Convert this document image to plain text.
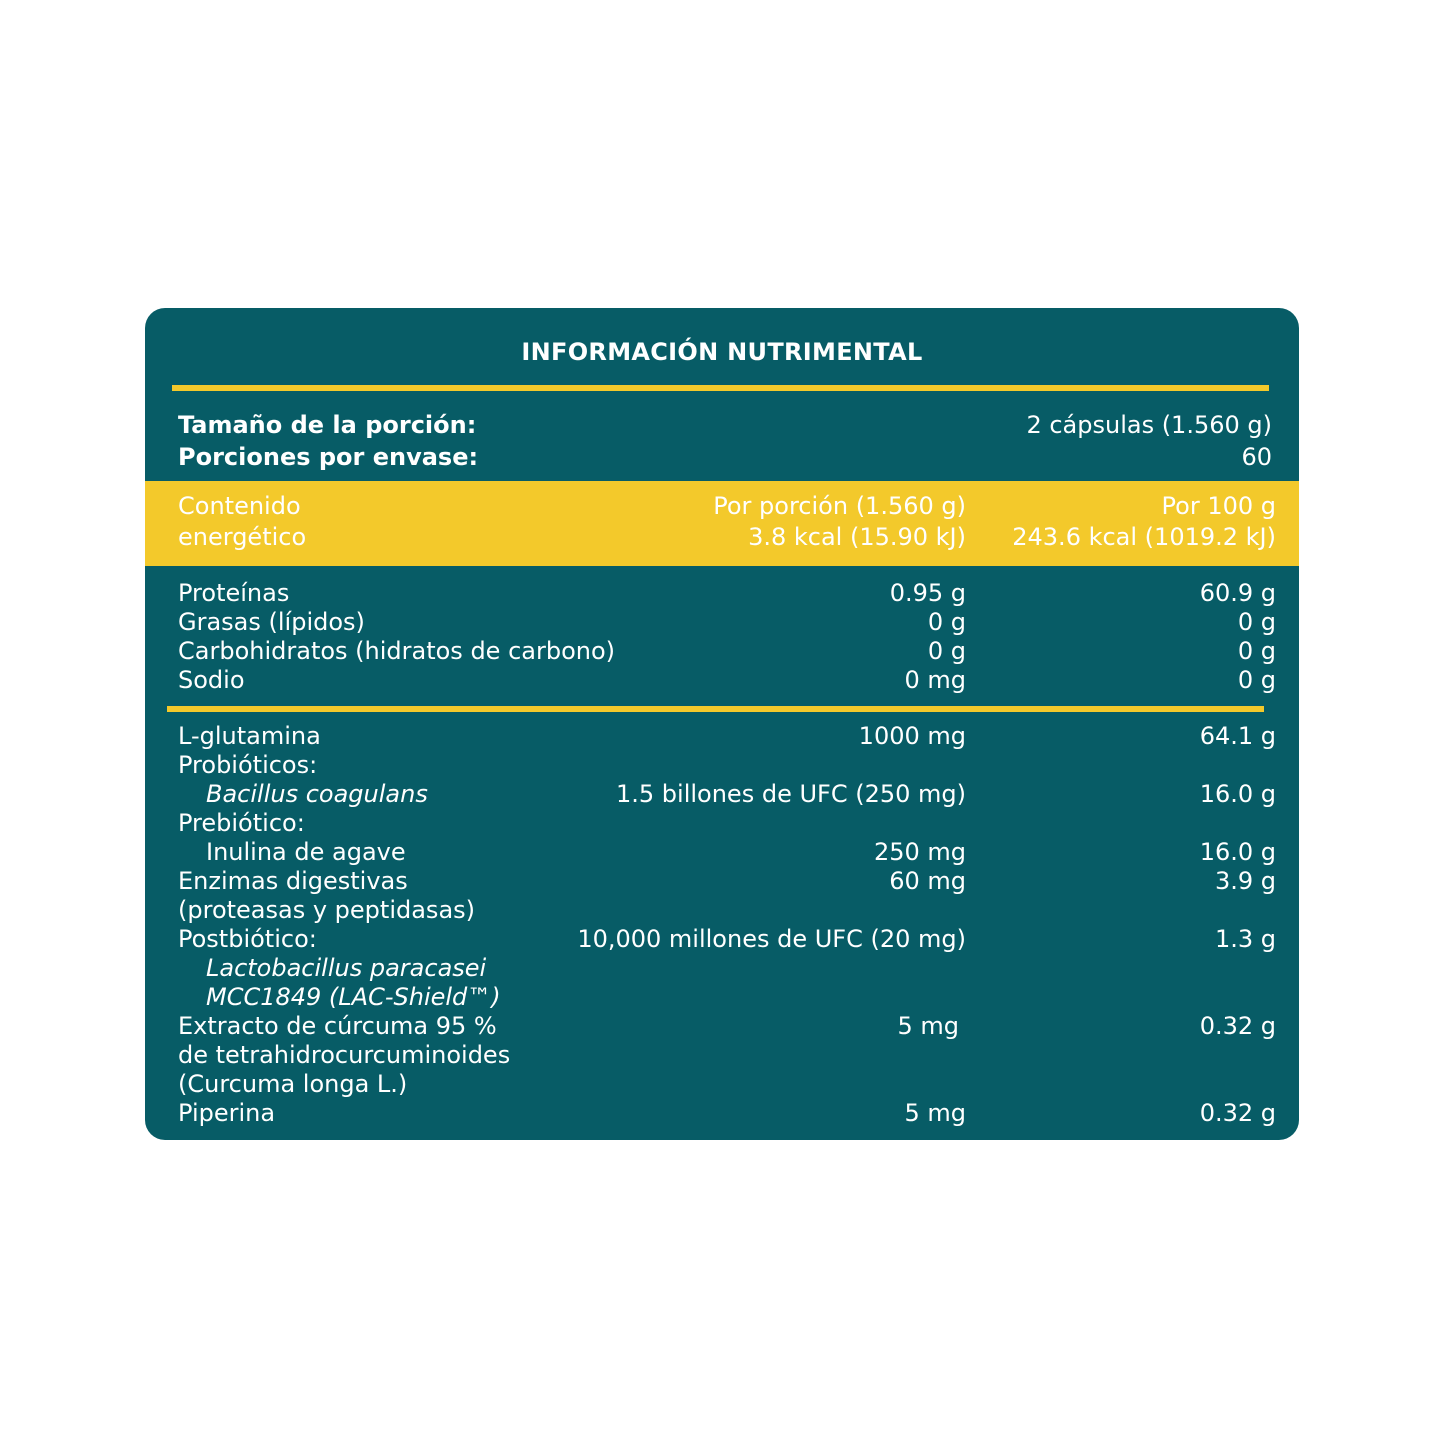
INFORMACIÓN NUTRIMENTAL
Tamaño de la porción:	2 cápsulas (1.560 g)
Porciones por envase:	60
Contenido	Por porción (1.560 g)	Por 100 g
energético	3.8 kcal (15.90 kJ) 243.6 kcal (1019.2 kJ)
Proteínas	0.95 g	60.9 g
Grasas (lípidos)	0 g	0 g
Carbohidratos (hidratos de carbono)	0 g	0 g
Sodio	0 mg	0 g
L-glutamina	1000 mg	64.1 g
Probióticos:
Bacillus coagulans	1.5 billones de UFC (250 mg)	16.0 g
Prebiótico:
Inulina de agave	250 mg	16.0 g
Enzimas digestivas	60 mg	3.9 g
(proteasas y peptidasas)
Postbiótico:	10,000 millones de UFC (20 mg)	1.3 g
Lactobacillus paracasei
MCC1849 (LAC-Shield™)
Extracto de cúrcuma 95 %	5 mg	0.32 g
de tetrahidrocurcuminoides
(Curcuma longa L.)
Piperina	5 mg	0.32 g
